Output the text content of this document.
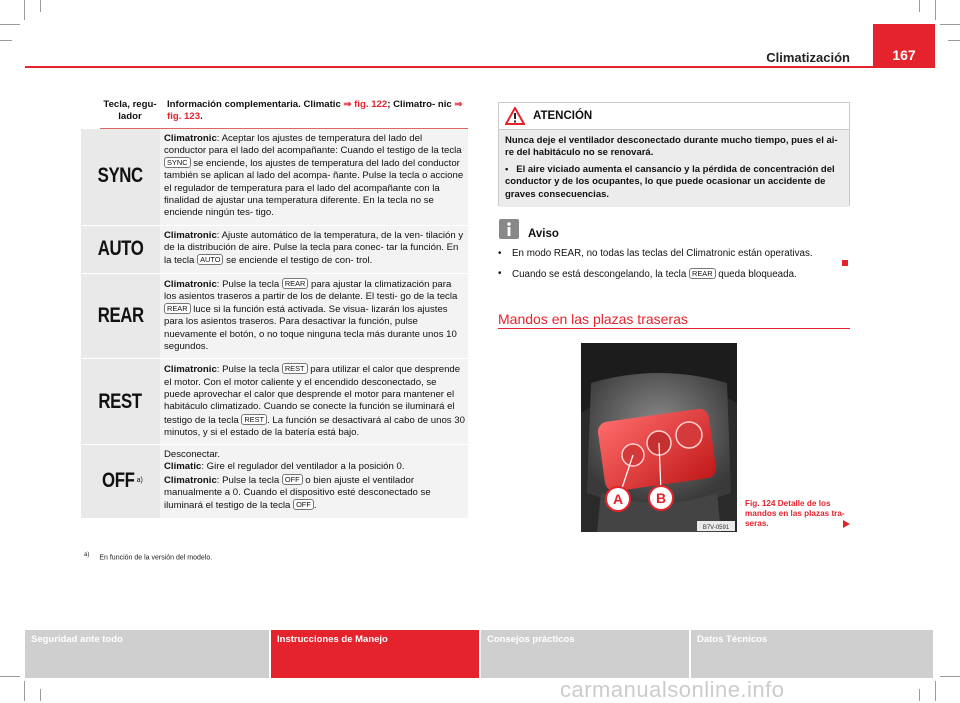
Climatización	167
Tecla, regu- lador
Información complementaria. Climatic ⇒ fig. 122; Climatro- nic ⇒ fig. 123.
SYNC
Climatronic: Aceptar los ajustes de temperatura del lado del conductor para el lado del acompañante: Cuando el testigo de la tecla SYNC se enciende, los ajustes de temperatura del lado del conductor también se aplican al lado del acompa- ñante. Pulse la tecla o accione el regulador de temperatura para el lado del acompañante con la finalidad de ajustar una temperatura diferente. En la tecla no se enciende ningún tes- tigo.
AUTO
Climatronic: Ajuste automático de la temperatura, de la ven- tilación y de la distribución de aire. Pulse la tecla para conec- tar la función. En la tecla AUTO se enciende el testigo de con- trol.
REAR
Climatronic: Pulse la tecla REAR para ajustar la climatización para los asientos traseros a partir de los de delante. El testi- go de la tecla REAR luce si la función está activada. Se visua- lizarán los ajustes para los asientos traseros. Para desactivar la función, pulse nuevamente el botón, o no toque ninguna tecla más durante unos 10 segundos.
REST
Climatronic: Pulse la tecla REST para utilizar el calor que desprende el motor. Con el motor caliente y el encendido desconectado, se puede aprovechar el calor que desprende el motor para mantener el habitáculo climatizado. Cuando se conecte la función se iluminará el testigo de la tecla REST . La función se desactivará al cabo de unos 30 minutos, y si el estado de la batería está bajo.
OFF a)
Desconectar.
Climatic: Gire el regulador del ventilador a la posición 0.
Climatronic: Pulse la tecla OFF o bien ajuste el ventilador manualmente a 0. Cuando el dispositivo esté desconectado se iluminará el testigo de la tecla OFF .
$^{a)}$ En función de la versión del modelo.
ATENCIÓN

Nunca deje el ventilador desconectado durante mucho tiempo, pues el ai- re del habitáculo no se renovará.

•   El aire viciado aumenta el cansancio y la pérdida de concentración del conductor y de los ocupantes, lo que puede ocasionar un accidente de graves consecuencias.

Aviso
•	En modo REAR, no todas las teclas del Climatronic están operativas.
•	Cuando se está descongelando, la tecla REAR queda bloqueada.
Mandos en las plazas traseras
A B
B7V-0591
Fig. 124 Detalle de los mandos en las plazas tra- seras.
Seguridad ante todo	Instrucciones de Manejo	Consejos prácticos	Datos Técnicos
carmanualsonline.info
